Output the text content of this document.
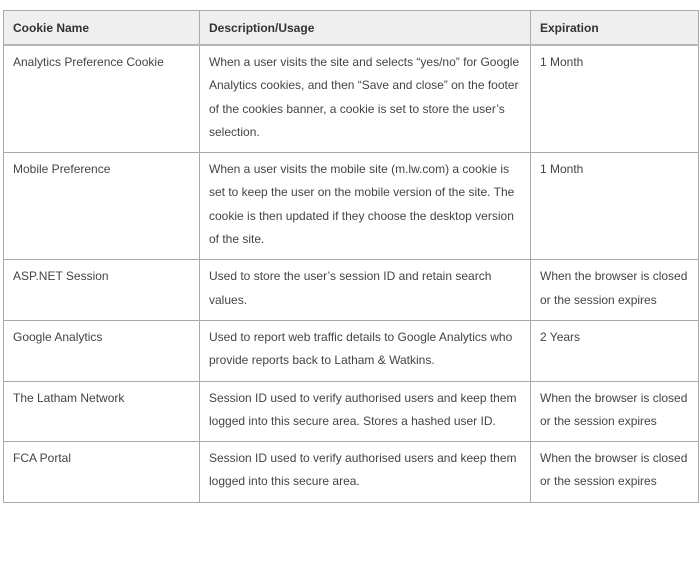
Cookie Name	Description/Usage	Expiration
Analytics Preference Cookie	When a user visits the site and selects “yes/no” for Google Analytics cookies, and then “Save and close” on the footer of the cookies banner, a cookie is set to store the user’s selection.	1 Month
Mobile Preference	When a user visits the mobile site (m.lw.com) a cookie is set to keep the user on the mobile version of the site. The cookie is then updated if they choose the desktop version of the site.	1 Month
ASP.NET Session	Used to store the user’s session ID and retain search values.	When the browser is closed or the session expires
Google Analytics	Used to report web traffic details to Google Analytics who provide reports back to Latham & Watkins.	2 Years
The Latham Network	Session ID used to verify authorised users and keep them logged into this secure area. Stores a hashed user ID.	When the browser is closed or the session expires
FCA Portal	Session ID used to verify authorised users and keep them logged into this secure area.	When the browser is closed or the session expires
